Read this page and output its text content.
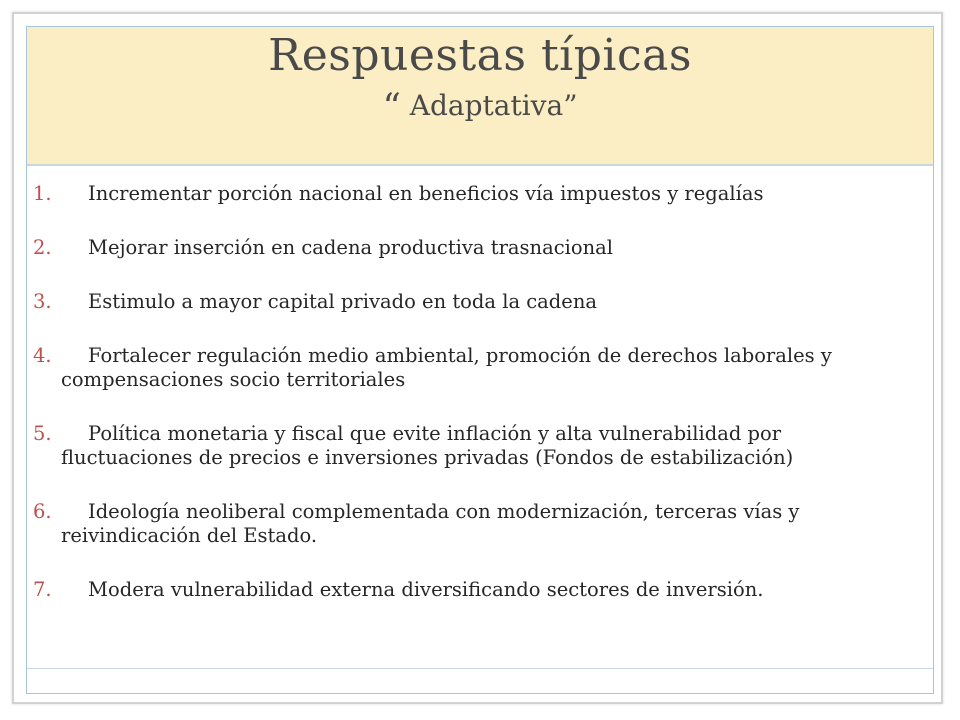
Respuestas típicas
“ Adaptativa”
1. Incrementar porción nacional en beneficios vía impuestos y regalías
2. Mejorar inserción en cadena productiva trasnacional
3. Estimulo a mayor capital privado en toda la cadena
4. Fortalecer regulación medio ambiental, promoción de derechos laborales y compensaciones socio territoriales
5. Política monetaria y fiscal que evite inflación y alta vulnerabilidad por fluctuaciones de precios e inversiones privadas (Fondos de estabilización)
6. Ideología neoliberal complementada con modernización, terceras vías y reivindicación del Estado.
7. Modera vulnerabilidad externa diversificando sectores de inversión.
